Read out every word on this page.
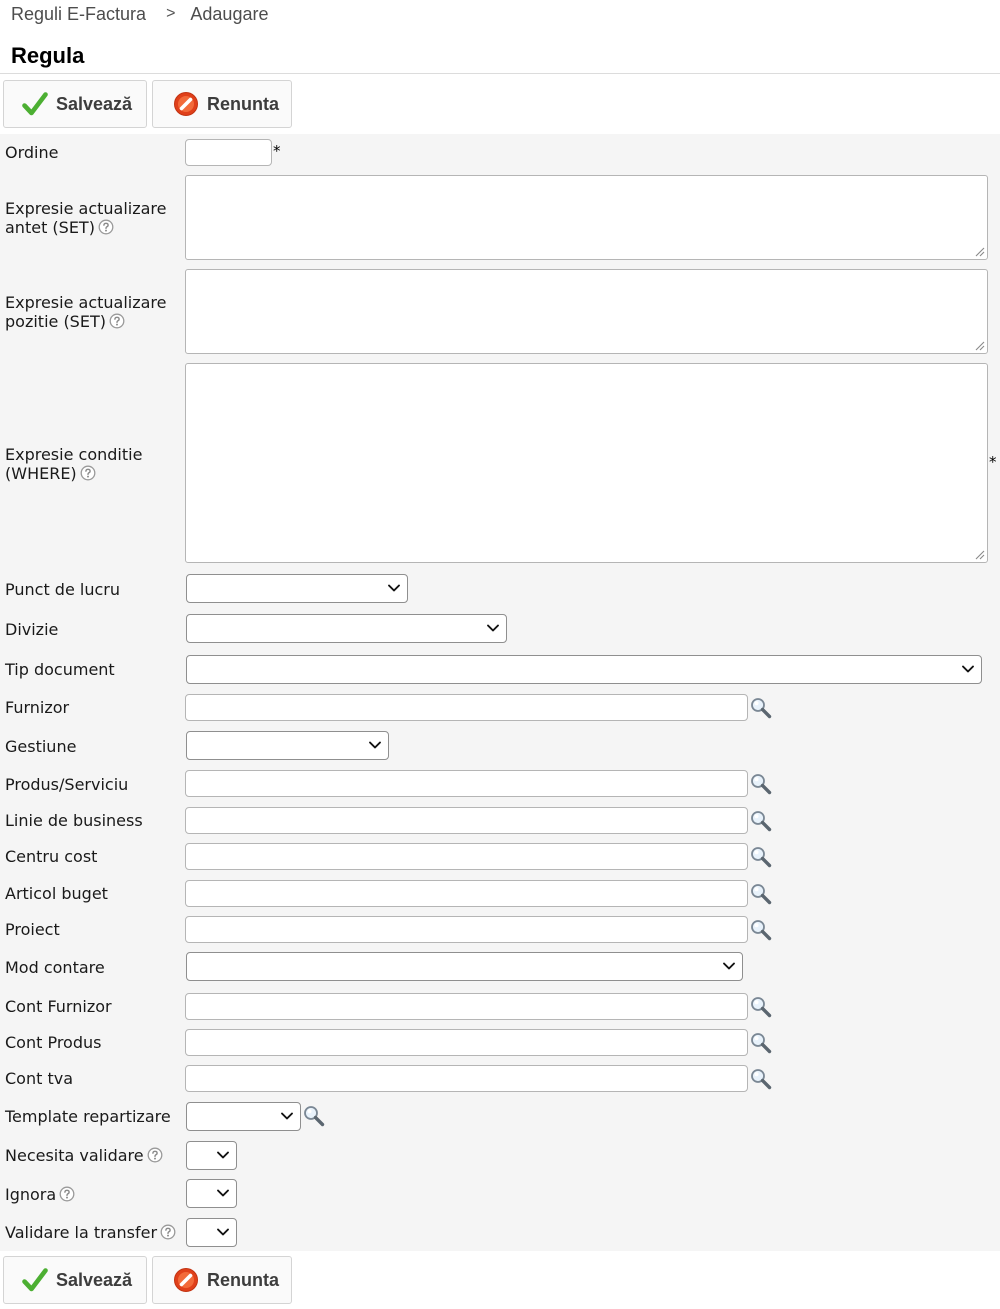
Reguli E-Factura > Adaugare
Regula
Salvează	Renunta
Ordine	*
Expresie actualizare
antet (SET)
Expresie actualizare
pozitie (SET)
Expresie conditie
(WHERE)
*
Punct de lucru
Divizie
Tip document
Furnizor
Gestiune
Produs/Serviciu
Linie de business
Centru cost
Articol buget
Proiect
Mod contare
Cont Furnizor
Cont Produs
Cont tva
Template repartizare
Necesita validare
Ignora
Validare la transfer
Salvează	Renunta
